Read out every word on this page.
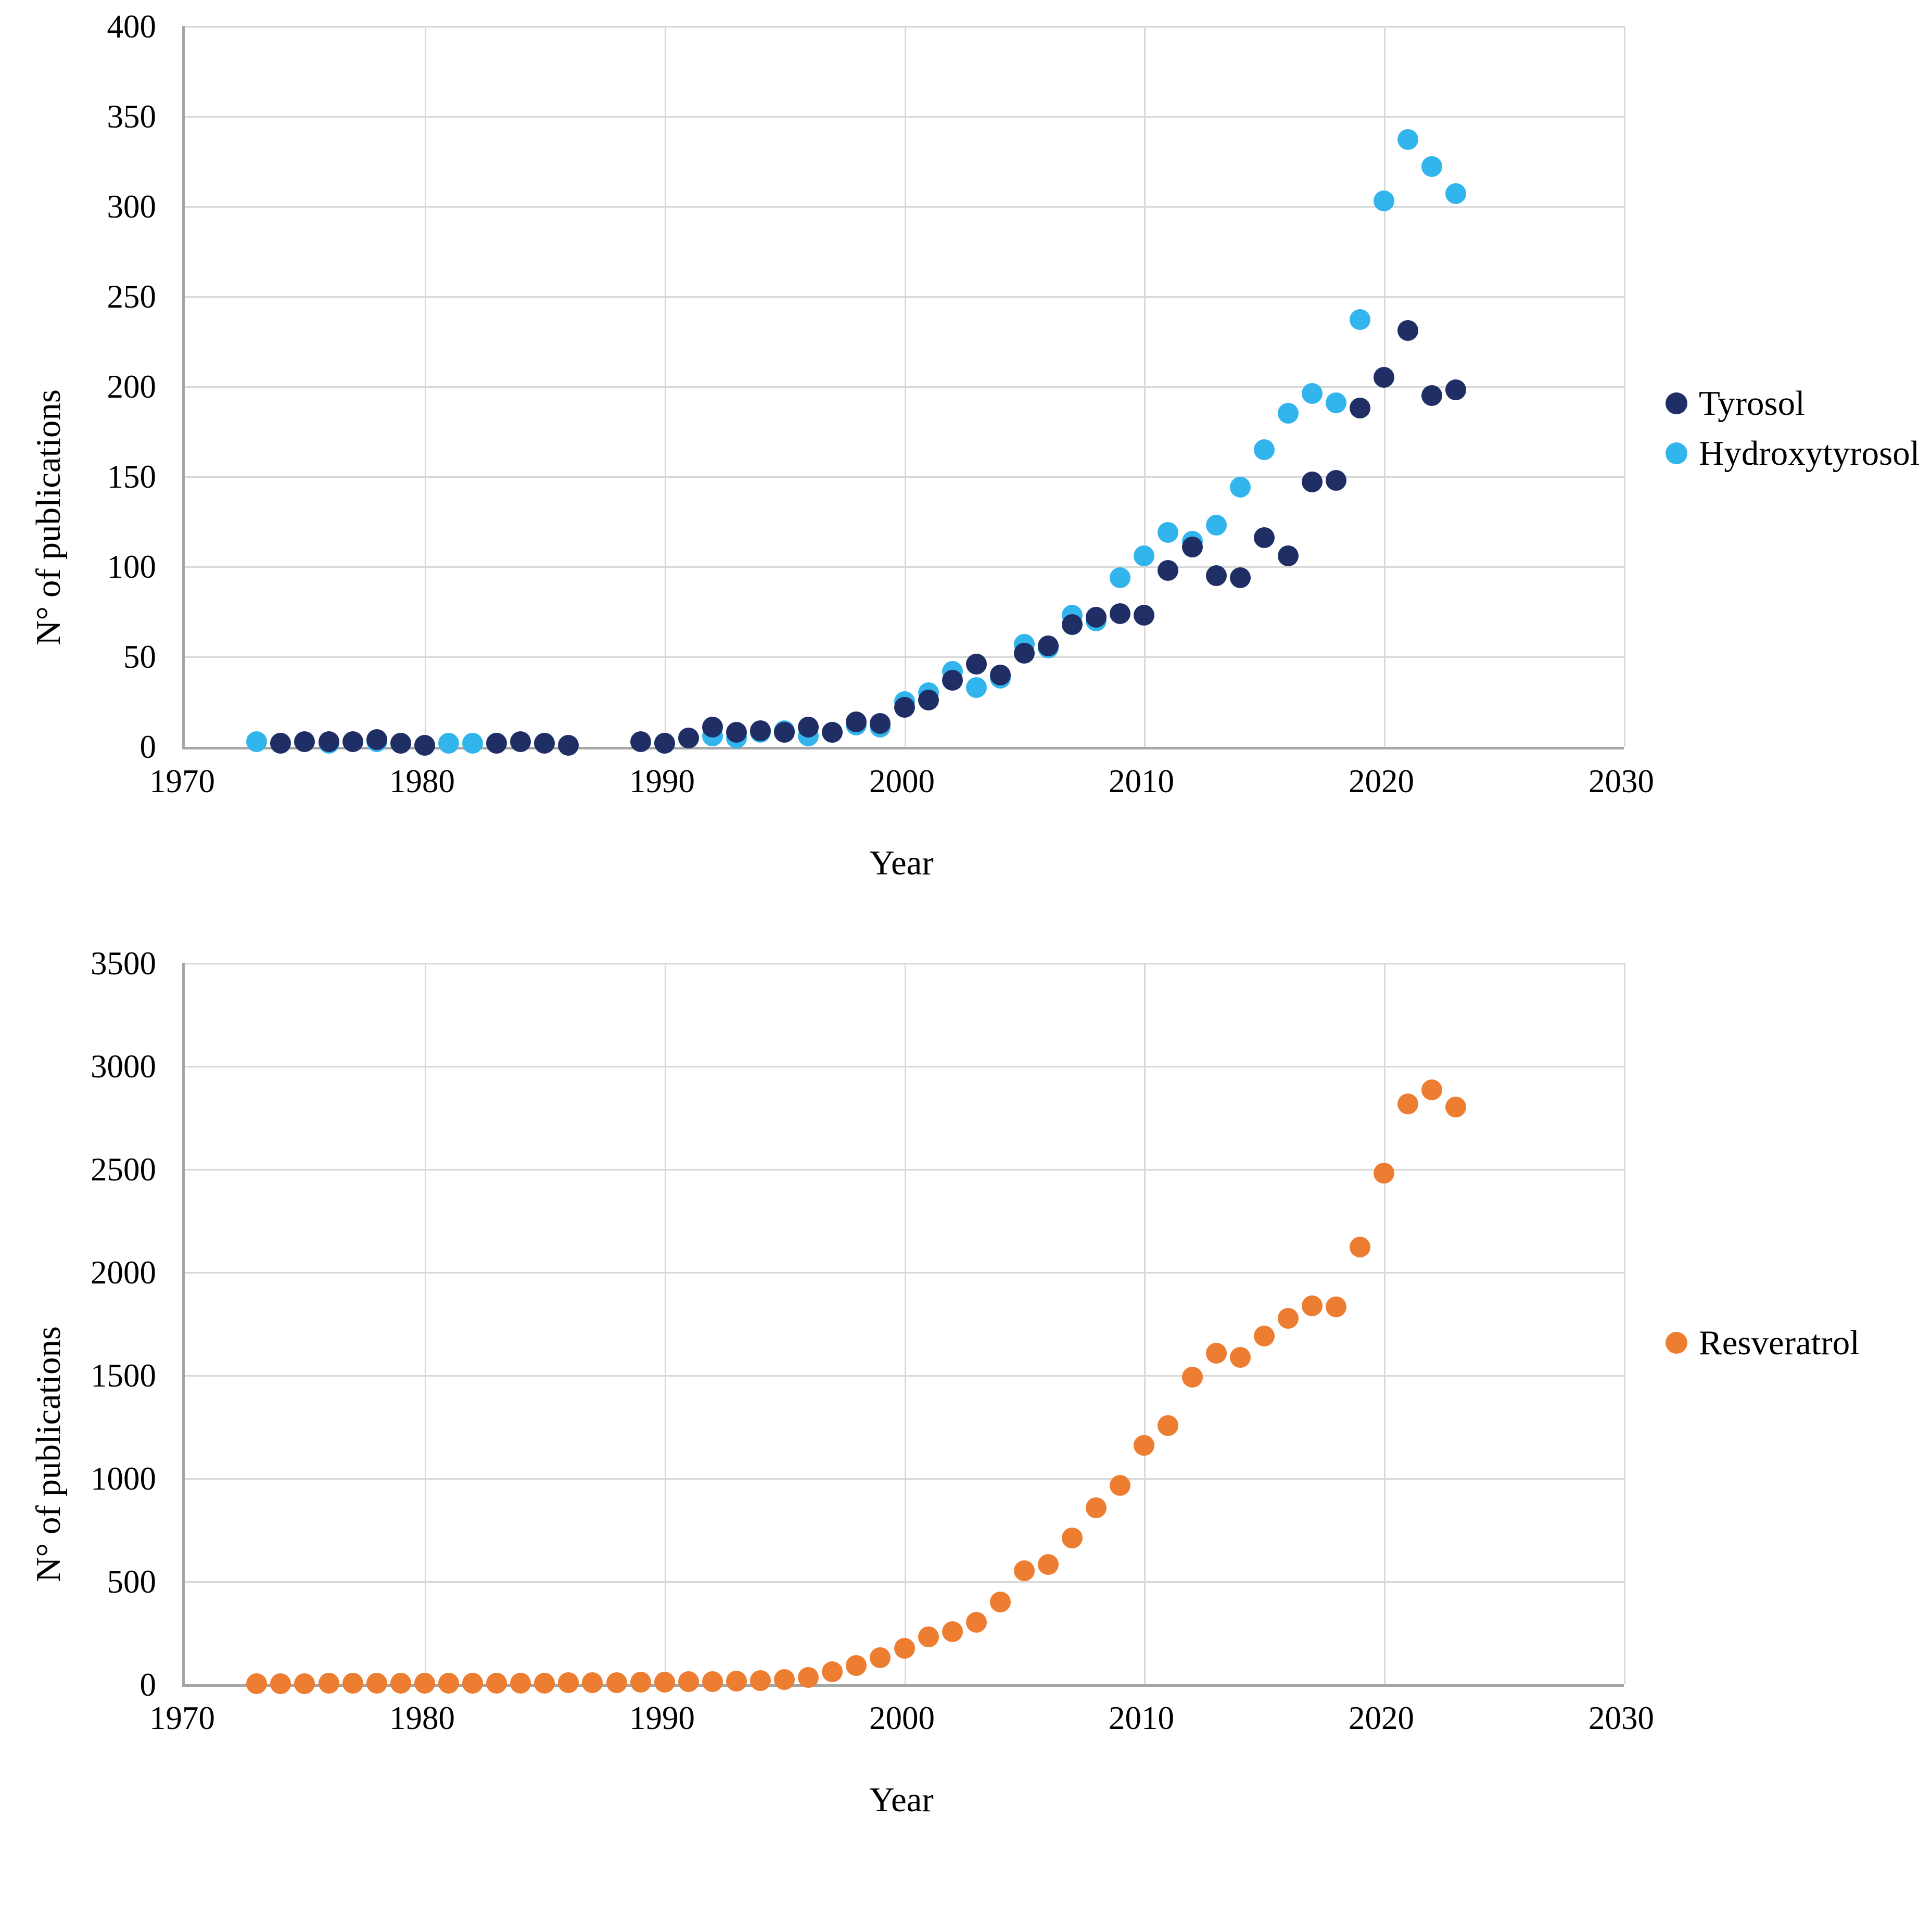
N° of publications
400
350
300
250
200
150
100
50
0
1970	1980	1990	2000	2010	2020	2030
Year
Tyrosol
Hydroxytyrosol
N° of publications
3500
3000
2500
2000
1500
1000
500
0
1970	1980	1990	2000	2010	2020	2030
Year
Resveratrol
